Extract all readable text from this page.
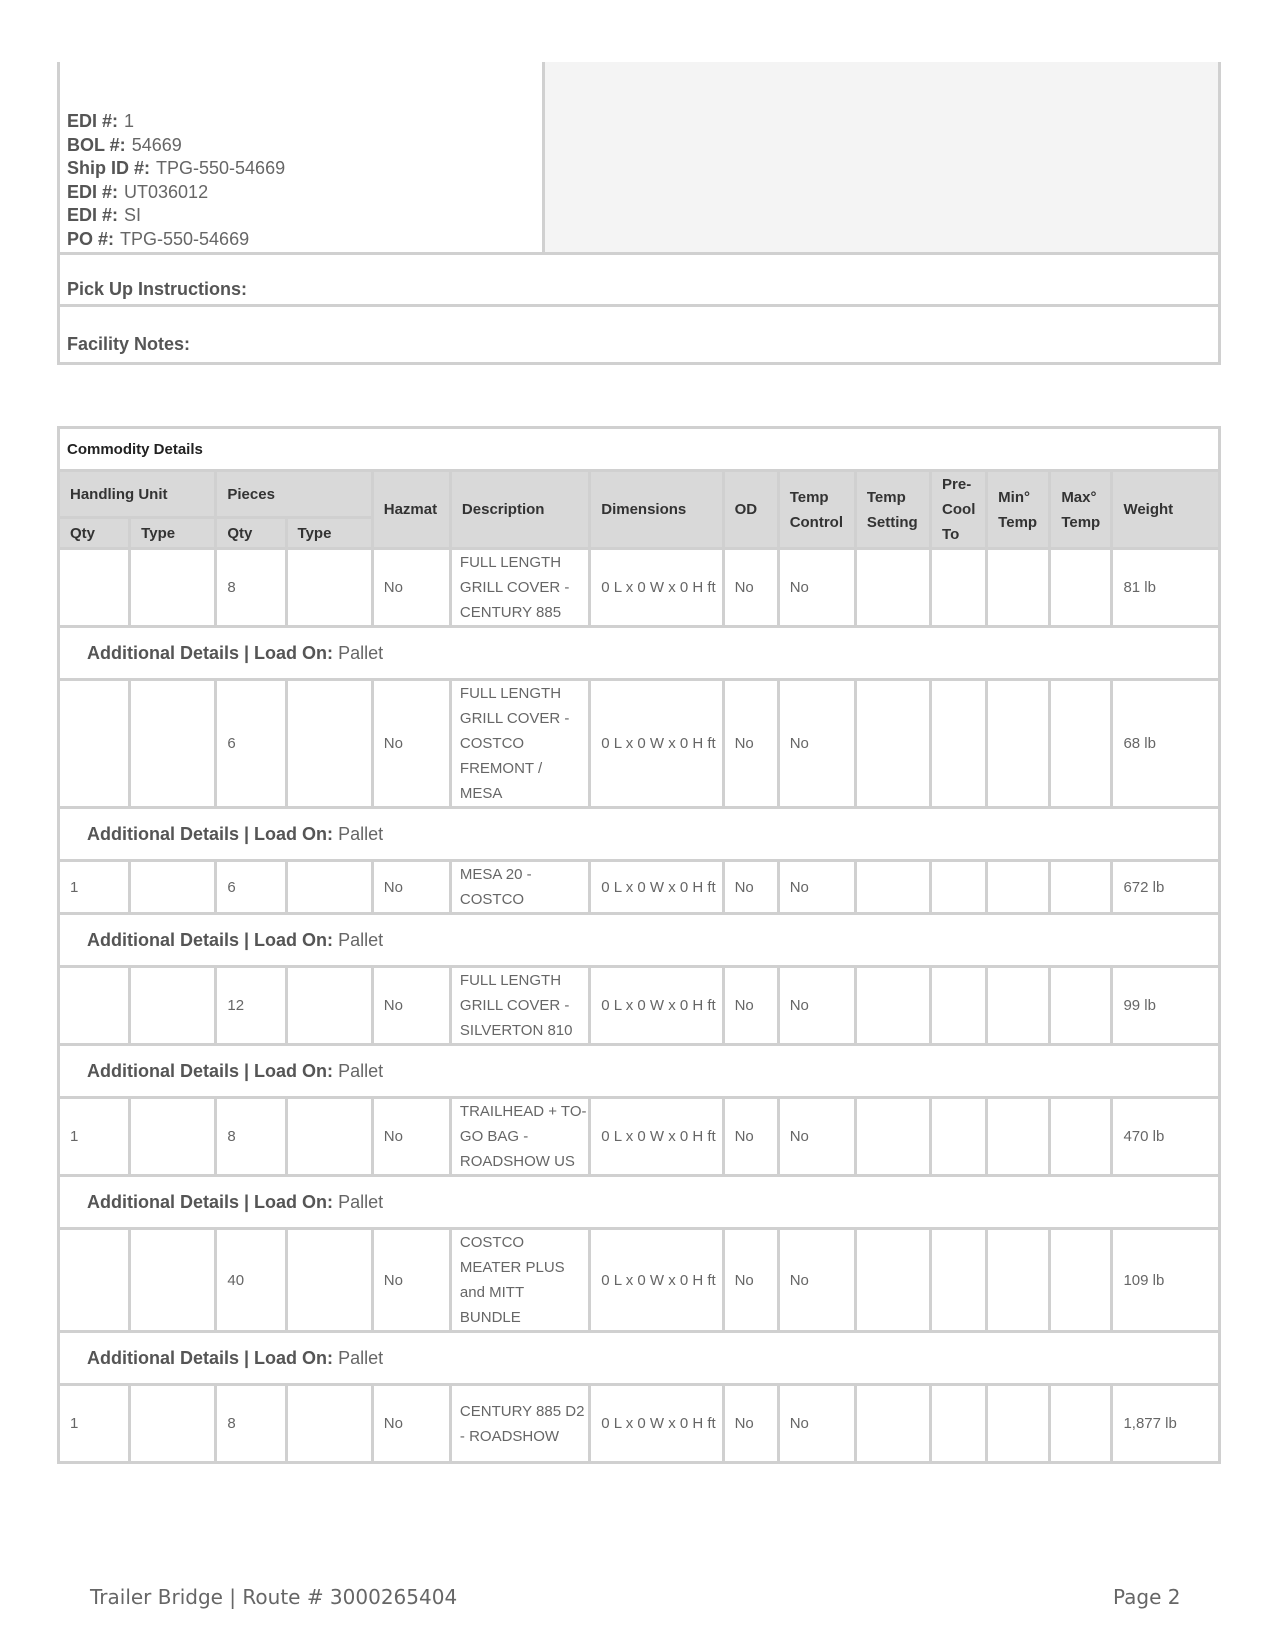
EDI #: 1
BOL #: 54669
Ship ID #: TPG-550-54669
EDI #: UT036012
EDI #: SI
PO #: TPG-550-54669
Pick Up Instructions:
Facility Notes:
Commodity Details													
Handling Unit		Pieces		Hazmat	Description	Dimensions	OD	Temp Control	Temp Setting	Pre-Cool To	Min° Temp	Max° Temp	Weight
Qty	Type	Qty	Type										
		8		No	FULL LENGTH GRILL COVER - CENTURY 885	0 L x 0 W x 0 H ft	No	No					81 lb
Additional Details | Load On: Pallet													
		6		No	FULL LENGTH GRILL COVER - COSTCO FREMONT / MESA	0 L x 0 W x 0 H ft	No	No					68 lb
Additional Details | Load On: Pallet													
1		6		No	MESA 20 - COSTCO	0 L x 0 W x 0 H ft	No	No					672 lb
Additional Details | Load On: Pallet													
		12		No	FULL LENGTH GRILL COVER - SILVERTON 810	0 L x 0 W x 0 H ft	No	No					99 lb
Additional Details | Load On: Pallet													
1		8		No	TRAILHEAD + TO-GO BAG - ROADSHOW US	0 L x 0 W x 0 H ft	No	No					470 lb
Additional Details | Load On: Pallet													
		40		No	COSTCO MEATER PLUS and MITT BUNDLE	0 L x 0 W x 0 H ft	No	No					109 lb
Additional Details | Load On: Pallet													
1		8		No	CENTURY 885 D2 - ROADSHOW	0 L x 0 W x 0 H ft	No	No					1,877 lb
Trailer Bridge | Route # 3000265404	Page 2
